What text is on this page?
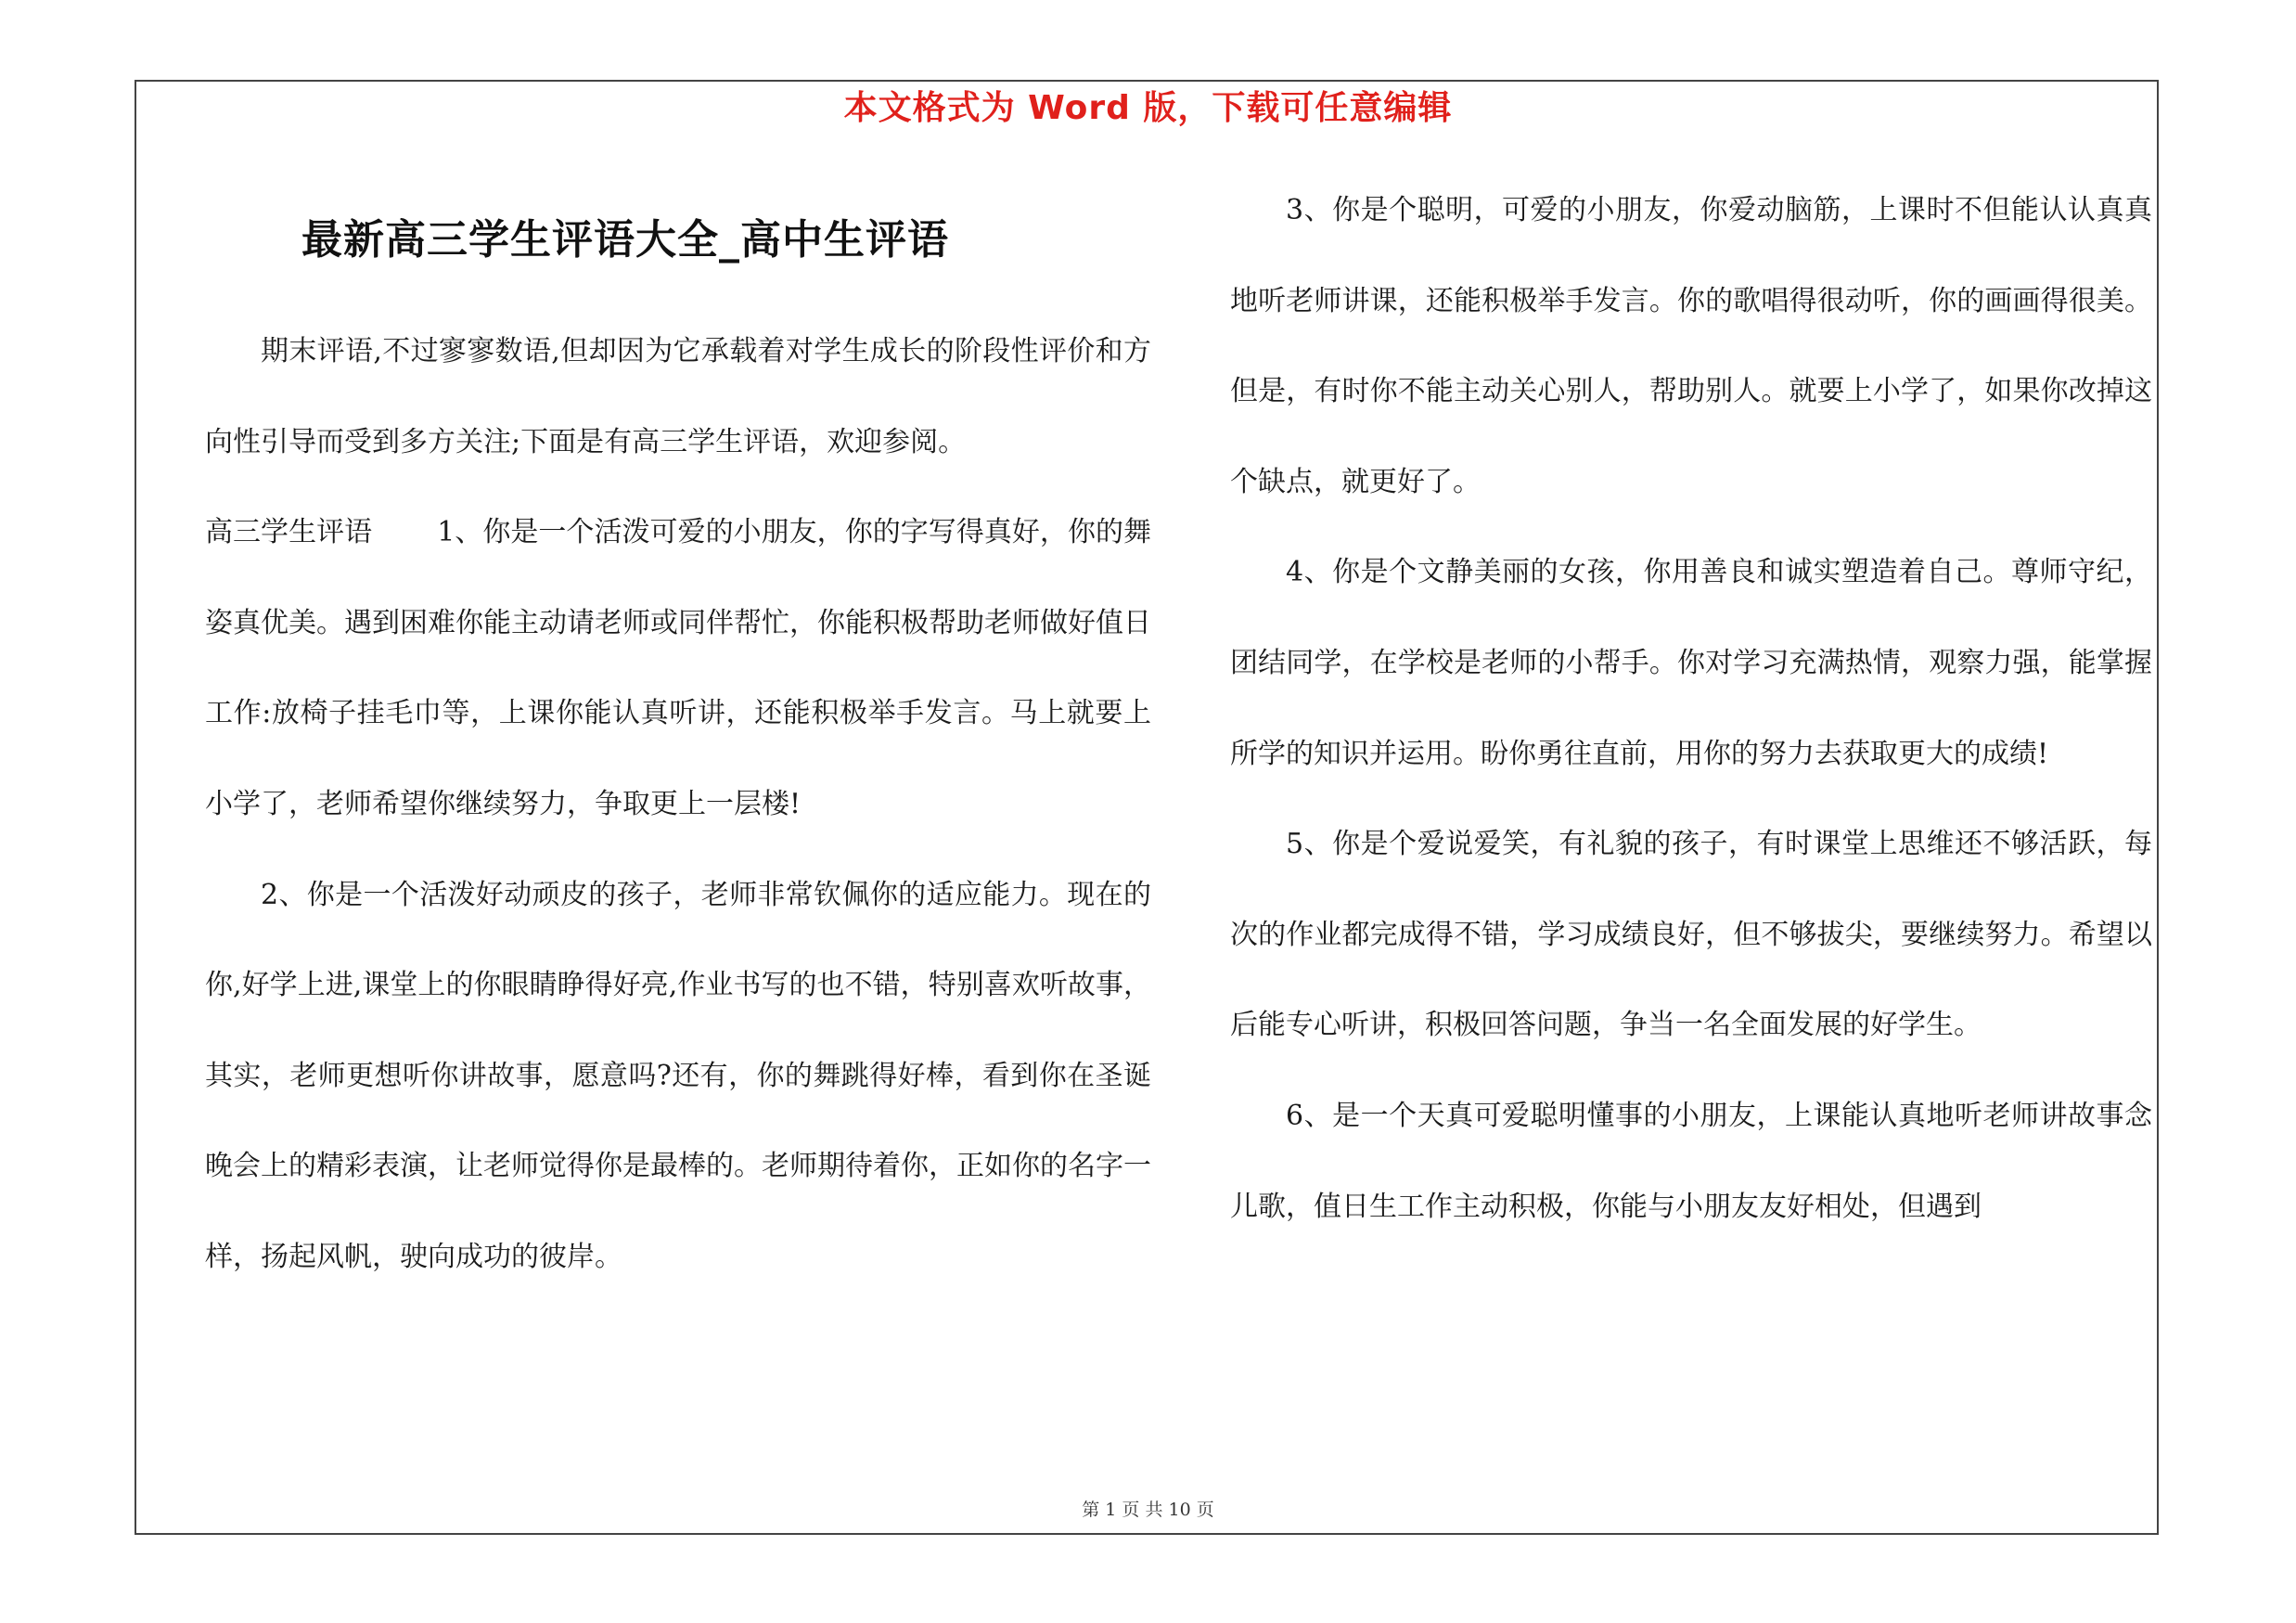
本文格式为 Word 版，下载可任意编辑
最新高三学生评语大全_高中生评语

期末评语,不过寥寥数语,但却因为它承载着对学生成长的阶段性评价和方向性引导而受到多方关注;下面是有高三学生评语，欢迎参阅。

高三学生评语 1、你是一个活泼可爱的小朋友，你的字写得真好，你的舞姿真优美。遇到困难你能主动请老师或同伴帮忙，你能积极帮助老师做好值日工作:放椅子挂毛巾等，上课你能认真听讲，还能积极举手发言。马上就要上小学了，老师希望你继续努力，争取更上一层楼!

2、你是一个活泼好动顽皮的孩子，老师非常钦佩你的适应能力。现在的你,好学上进,课堂上的你眼睛睁得好亮,作业书写的也不错，特别喜欢听故事，其实，老师更想听你讲故事，愿意吗?还有，你的舞跳得好棒，看到你在圣诞晚会上的精彩表演，让老师觉得你是最棒的。老师期待着你，正如你的名字一样，扬起风帆，驶向成功的彼岸。

3、你是个聪明，可爱的小朋友，你爱动脑筋，上课时不但能认认真真地听老师讲课，还能积极举手发言。你的歌唱得很动听，你的画画得很美。但是，有时你不能主动关心别人，帮助别人。就要上小学了，如果你改掉这个缺点，就更好了。

4、你是个文静美丽的女孩，你用善良和诚实塑造着自己。尊师守纪，团结同学，在学校是老师的小帮手。你对学习充满热情，观察力强，能掌握所学的知识并运用。盼你勇往直前，用你的努力去获取更大的成绩!

5、你是个爱说爱笑，有礼貌的孩子，有时课堂上思维还不够活跃，每次的作业都完成得不错，学习成绩良好，但不够拔尖，要继续努力。希望以后能专心听讲，积极回答问题，争当一名全面发展的好学生。

6、是一个天真可爱聪明懂事的小朋友，上课能认真地听老师讲故事念儿歌，值日生工作主动积极，你能与小朋友友好相处，但遇到

第 1 页 共 10 页
